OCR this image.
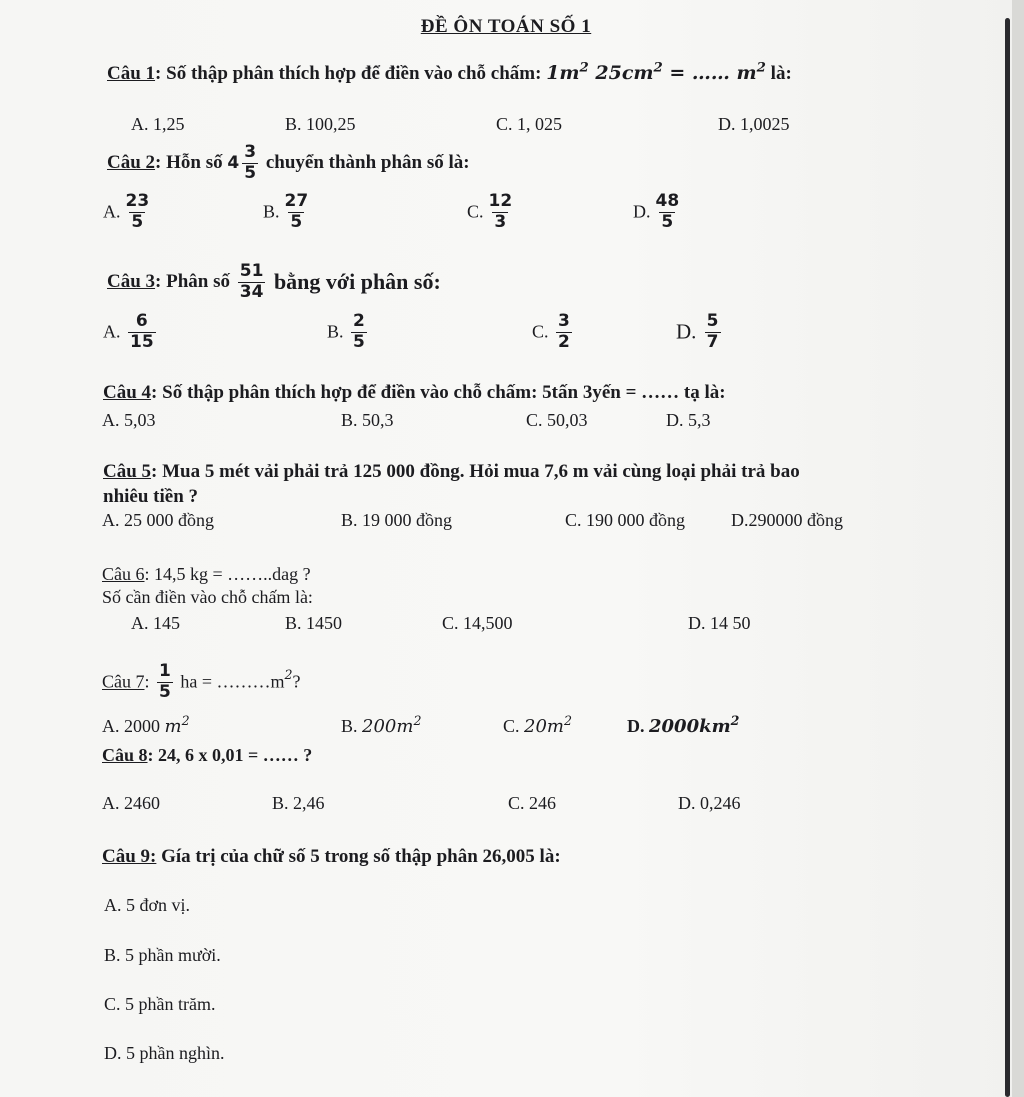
ĐỀ ÔN TOÁN SỐ 1
Câu 1: Số thập phân thích hợp để điền vào chỗ chấm: $1m^2$ $25cm^2$ = …… $m^2$ là:
A. 1,25	B. 100,25	C. 1, 025	D. 1,0025
Câu 2: Hỗn số $4 \frac{3}{5}$ chuyển thành phân số là:
A. $\frac{23}{5}$	B. $\frac{27}{5}$	C. $\frac{12}{3}$	D. $\frac{48}{5}$
Câu 3: Phân số $\frac{51}{34}$ bằng với phân số:
A. $\frac{6}{15}$	B. $\frac{2}{5}$	C. $\frac{3}{2}$	D. $\frac{5}{7}$
Câu 4: Số thập phân thích hợp để điền vào chỗ chấm: 5tấn 3yến = …… tạ là:
A. 5,03	B. 50,3	C. 50,03	D. 5,3
Câu 5: Mua 5 mét vải phải trả 125 000 đồng. Hỏi mua 7,6 m vải cùng loại phải trả bao
nhiêu tiền ?
A. 25 000 đồng	B. 19 000 đồng	C. 190 000 đồng	D.290000 đồng
Câu 6: 14,5 kg = ……..dag ?
Số cần điền vào chỗ chấm là:
A. 145	B. 1450	C. 14,500	D. 14 50
Câu 7: $\frac{1}{5}$ ha = $\dots\dots\dots m^2$?
A. 2000 $m^2$	B. $200m^2$	C. $20m^2$	D. $2000km^2$
Câu 8: 24, 6 x 0,01 = …… ?
A. 2460	B. 2,46	C. 246	D. 0,246
Câu 9: Gía trị của chữ số 5 trong số thập phân 26,005 là:
A. 5 đơn vị.
B. 5 phần mười.
C. 5 phần trăm.
D. 5 phần nghìn.
